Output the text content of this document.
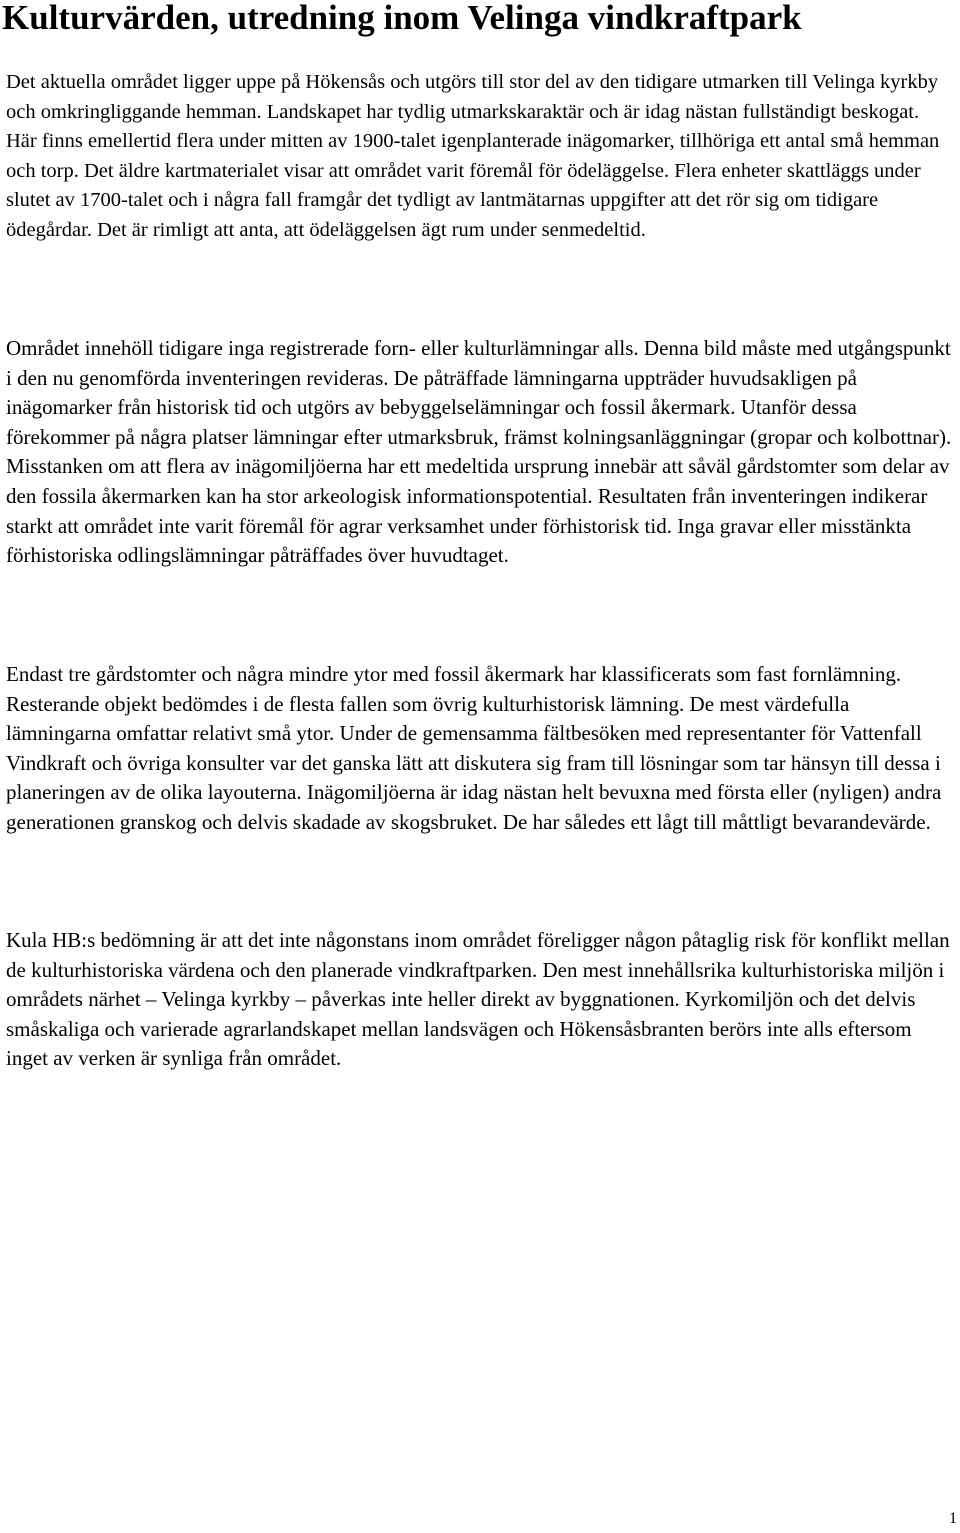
Kulturvärden, utredning inom Velinga vindkraftpark

Det aktuella området ligger uppe på Hökensås och utgörs till stor del av den tidigare utmarken till Velinga kyrkby och omkringliggande hemman. Landskapet har tydlig utmarkskaraktär och är idag nästan fullständigt beskogat. Här finns emellertid flera under mitten av 1900-talet igenplanterade inägomarker, tillhöriga ett antal små hemman och torp. Det äldre kartmaterialet visar att området varit föremål för ödeläggelse. Flera enheter skattläggs under slutet av 1700-talet och i några fall framgår det tydligt av lantmätarnas uppgifter att det rör sig om tidigare ödegårdar. Det är rimligt att anta, att ödeläggelsen ägt rum under senmedeltid.

Området innehöll tidigare inga registrerade forn- eller kulturlämningar alls. Denna bild måste med utgångspunkt i den nu genomförda inventeringen revideras. De påträffade lämningarna uppträder huvudsakligen på inägomarker från historisk tid och utgörs av bebyggelselämningar och fossil åkermark. Utanför dessa förekommer på några platser lämningar efter utmarksbruk, främst kolningsanläggningar (gropar och kolbottnar). Misstanken om att flera av inägomiljöerna har ett medeltida ursprung innebär att såväl gårdstomter som delar av den fossila åkermarken kan ha stor arkeologisk informationspotential. Resultaten från inventeringen indikerar starkt att området inte varit föremål för agrar verksamhet under förhistorisk tid. Inga gravar eller misstänkta förhistoriska odlingslämningar påträffades över huvudtaget.

Endast tre gårdstomter och några mindre ytor med fossil åkermark har klassificerats som fast fornlämning. Resterande objekt bedömdes i de flesta fallen som övrig kulturhistorisk lämning. De mest värdefulla lämningarna omfattar relativt små ytor. Under de gemensamma fältbesöken med representanter för Vattenfall Vindkraft och övriga konsulter var det ganska lätt att diskutera sig fram till lösningar som tar hänsyn till dessa i planeringen av de olika layouterna. Inägomiljöerna är idag nästan helt bevuxna med första eller (nyligen) andra generationen granskog och delvis skadade av skogsbruket. De har således ett lågt till måttligt bevarandevärde.

Kula HB:s bedömning är att det inte någonstans inom området föreligger någon påtaglig risk för konflikt mellan de kulturhistoriska värdena och den planerade vindkraftparken. Den mest innehållsrika kulturhistoriska miljön i områdets närhet – Velinga kyrkby – påverkas inte heller direkt av byggnationen. Kyrkomiljön och det delvis småskaliga och varierade agrarlandskapet mellan landsvägen och Hökensåsbranten berörs inte alls eftersom inget av verken är synliga från området.

1
